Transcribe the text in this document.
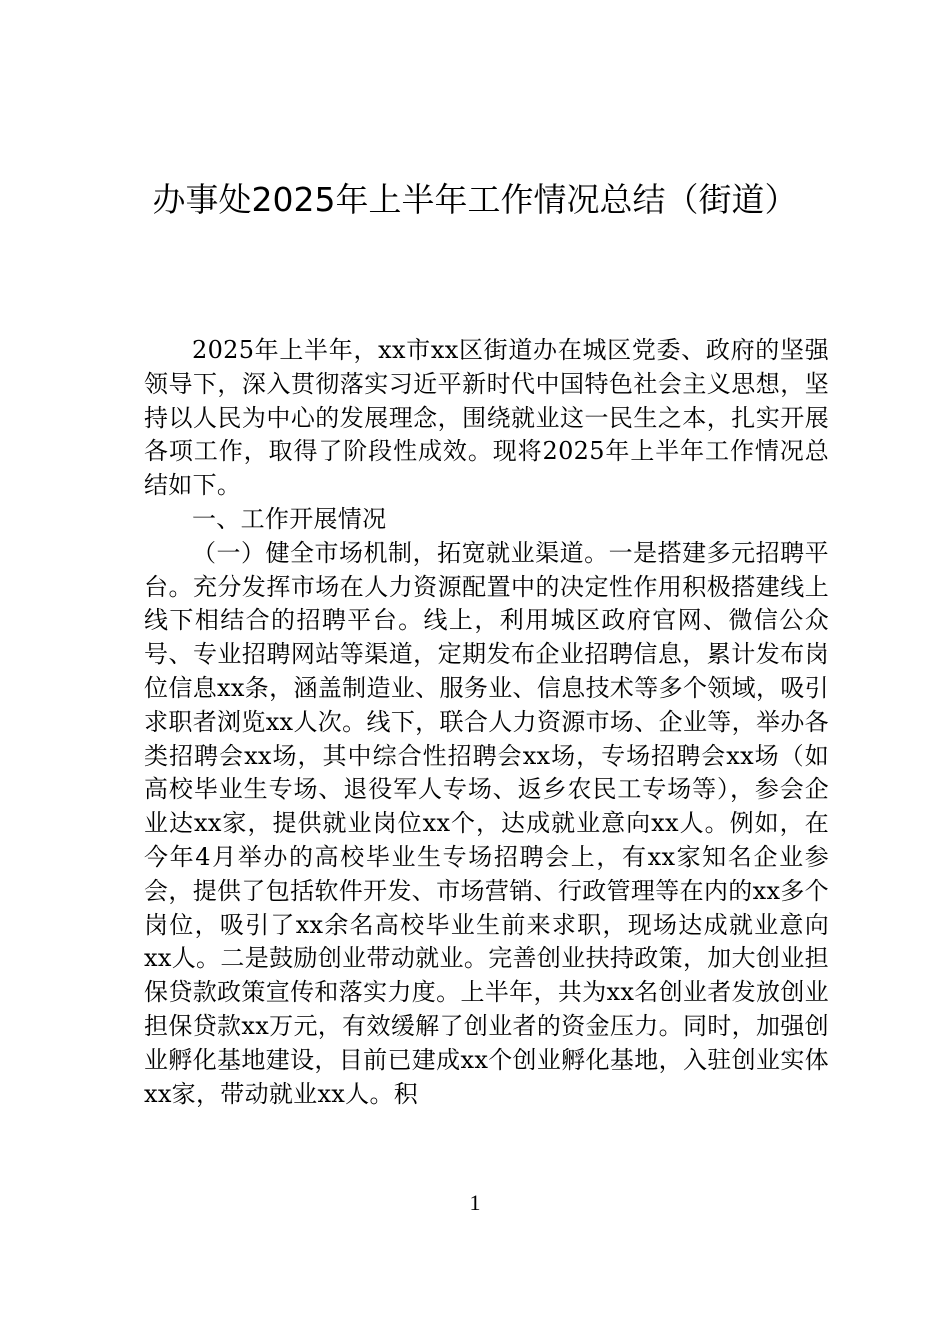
办事处2025年上半年工作情况总结（街道）

2025年上半年，xx市xx区街道办在城区党委、政府的坚强领导下，深入贯彻落实习近平新时代中国特色社会主义思想，坚持以人民为中心的发展理念，围绕就业这一民生之本，扎实开展各项工作，取得了阶段性成效。现将2025年上半年工作情况总结如下。

一、工作开展情况

（一）健全市场机制，拓宽就业渠道。一是搭建多元招聘平台。充分发挥市场在人力资源配置中的决定性作用积极搭建线上线下相结合的招聘平台。线上，利用城区政府官网、微信公众号、专业招聘网站等渠道，定期发布企业招聘信息，累计发布岗位信息xx条，涵盖制造业、服务业、信息技术等多个领域，吸引求职者浏览xx人次。线下，联合人力资源市场、企业等，举办各类招聘会xx场，其中综合性招聘会xx场，专场招聘会xx场（如高校毕业生专场、退役军人专场、返乡农民工专场等），参会企业达xx家，提供就业岗位xx个，达成就业意向xx人。例如，在今年4月举办的高校毕业生专场招聘会上，有xx家知名企业参会，提供了包括软件开发、市场营销、行政管理等在内的xx多个岗位，吸引了xx余名高校毕业生前来求职，现场达成就业意向xx人。二是鼓励创业带动就业。完善创业扶持政策，加大创业担保贷款政策宣传和落实力度。上半年，共为xx名创业者发放创业担保贷款xx万元，有效缓解了创业者的资金压力。同时，加强创业孵化基地建设，目前已建成xx个创业孵化基地，入驻创业实体xx家，带动就业xx人。积

1
